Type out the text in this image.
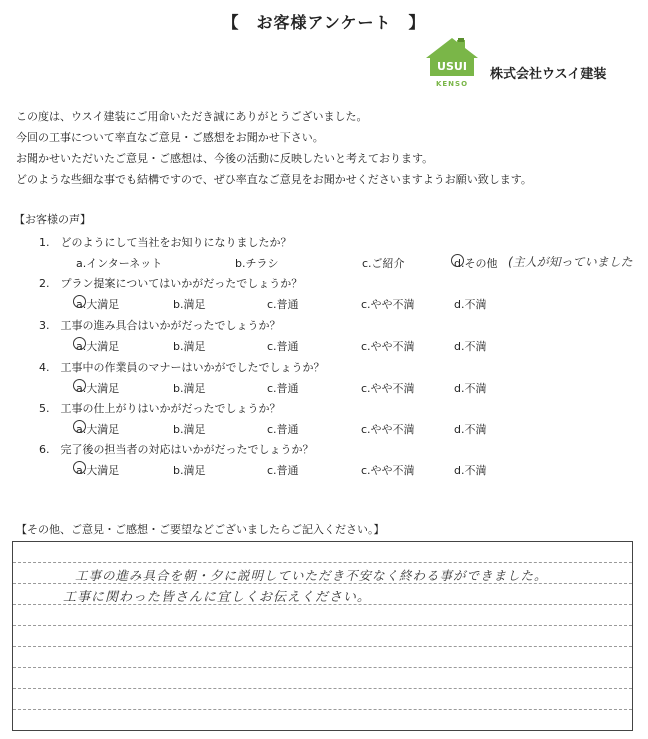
【　お客様アンケート　】
USUI
KENSO
株式会社ウスイ建装
この度は、ウスイ建装にご用命いただき誠にありがとうございました。
今回の工事について率直なご意見・ご感想をお聞かせ下さい。
お聞かせいただいたご意見・ご感想は、今後の活動に反映したいと考えております。
どのような些細な事でも結構ですので、ぜひ率直なご意見をお聞かせくださいますようお願い致します。
【お客様の声】
1.　どのようにして当社をお知りになりましたか？
a.インターネット	b.チラシ	c.ご紹介	d.その他 (主人が知っていました
2.　プラン提案についてはいかがだったでしょうか？
a.大満足	b.満足	c.普通	c.やや不満	d.不満
3.　工事の進み具合はいかがだったでしょうか？
a.大満足	b.満足	c.普通	c.やや不満	d.不満
4.　工事中の作業員のマナーはいかがでしたでしょうか？
a.大満足	b.満足	c.普通	c.やや不満	d.不満
5.　工事の仕上がりはいかがだったでしょうか？
a.大満足	b.満足	c.普通	c.やや不満	d.不満
6.　完了後の担当者の対応はいかがだったでしょうか？
a.大満足	b.満足	c.普通	c.やや不満	d.不満
【その他、ご意見・ご感想・ご要望などございましたらご記入ください。】
工事の進み具合を朝・夕に説明していただき不安なく終わる事ができました。
工事に関わった皆さんに宜しくお伝えください。
